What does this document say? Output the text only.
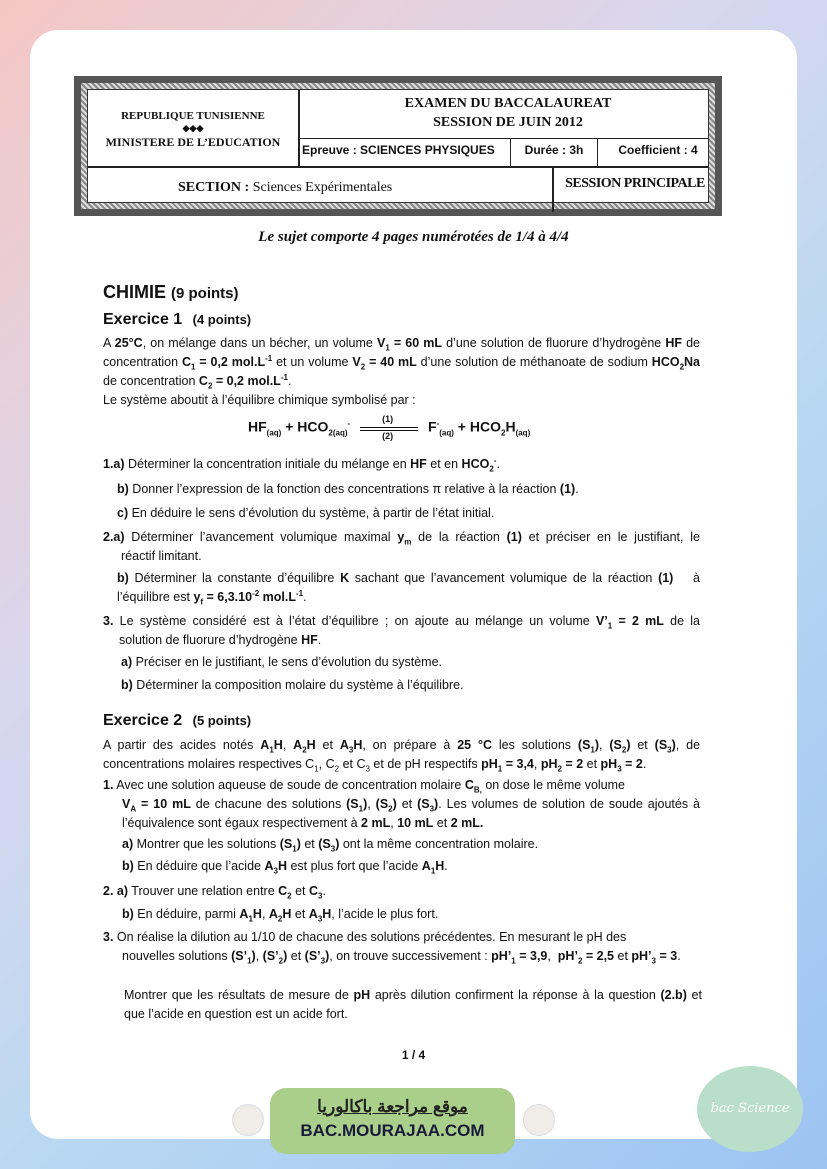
REPUBLIQUE TUNISIENNE
◆◆◆
MINISTERE DE L’EDUCATION
EXAMEN DU BACCALAUREAT
SESSION DE JUIN 2012
Epreuve : SCIENCES PHYSIQUES	Durée : 3h	Coefficient : 4
SECTION : Sciences Expérimentales	SESSION PRINCIPALE
Le sujet comporte 4 pages numérotées de 1/4 à 4/4
CHIMIE (9 points)
Exercice 1 (4 points)
A 25°C, on mélange dans un bécher, un volume $V_1 = 60$ mL d’une solution de fluorure d’hydrogène HF de concentration $C_1 = 0,2$ $mol.L^{-1}$ et un volume $V_2 = 40$ mL d’une solution de méthanoate de sodium $HCO_2Na$ de concentration $C_2 = 0,2$ $mol.L^{-1}$.
Le système aboutit à l’équilibre chimique symbolisé par :
$HF_{(aq)} + HCO_{2(aq)}^- \frac{(1)}{(2)} F^-_{(aq)} + HCO_2H_{(aq)}$
1.a) Déterminer la concentration initiale du mélange en HF et en $HCO_2^-$.
b) Donner l’expression de la fonction des concentrations π relative à la réaction (1).
c) En déduire le sens d’évolution du système, à partir de l’état initial.
2.a) Déterminer l’avancement volumique maximal $y_m$ de la réaction (1) et préciser en le justifiant, le réactif limitant.
b) Déterminer la constante d’équilibre K sachant que l’avancement volumique de la réaction (1) à l’équilibre est $y_f = 6,3.10^{-2}$ $mol.L^{-1}$.
3. Le système considéré est à l’état d’équilibre ; on ajoute au mélange un volume $V’_1 = 2$ mL de la solution de fluorure d’hydrogène HF.
a) Préciser en le justifiant, le sens d’évolution du système.
b) Déterminer la composition molaire du système à l’équilibre.
Exercice 2 (5 points)
A partir des acides notés $A_1H$, $A_2H$ et $A_3H$, on prépare à 25 °C les solutions $(S_1)$, $(S_2)$ et $(S_3)$, de concentrations molaires respectives $C_1$, $C_2$ et $C_3$ et de pH respectifs $pH_1 = 3,4$, $pH_2 = 2$ et $pH_3 = 2$.
1. Avec une solution aqueuse de soude de concentration molaire $C_{B,}$ on dose le même volume
$V_A = 10$ mL de chacune des solutions $(S_1)$, $(S_2)$ et $(S_3)$. Les volumes de solution de soude ajoutés à l’équivalence sont égaux respectivement à 2 mL, 10 mL et 2 mL.
a) Montrer que les solutions $(S_1)$ et $(S_3)$ ont la même concentration molaire.
b) En déduire que l’acide $A_3H$ est plus fort que l’acide $A_1H$.
2. a) Trouver une relation entre $C_2$ et $C_3$.
b) En déduire, parmi $A_1H$, $A_2H$ et $A_3H$, l’acide le plus fort.
3. On réalise la dilution au 1/10 de chacune des solutions précédentes. En mesurant le pH des
nouvelles solutions $(S’_1)$, $(S’_2)$ et $(S’_3)$, on trouve successivement : $pH’_1 = 3,9$,  $pH’_2 = 2,5$ et $pH’_3 = 3$.
Montrer que les résultats de mesure de pH après dilution confirment la réponse à la question (2.b) et que l’acide en question est un acide fort.
1 / 4
موقع مراجعة باكالوريا
BAC.MOURAJAA.COM
bac Science
